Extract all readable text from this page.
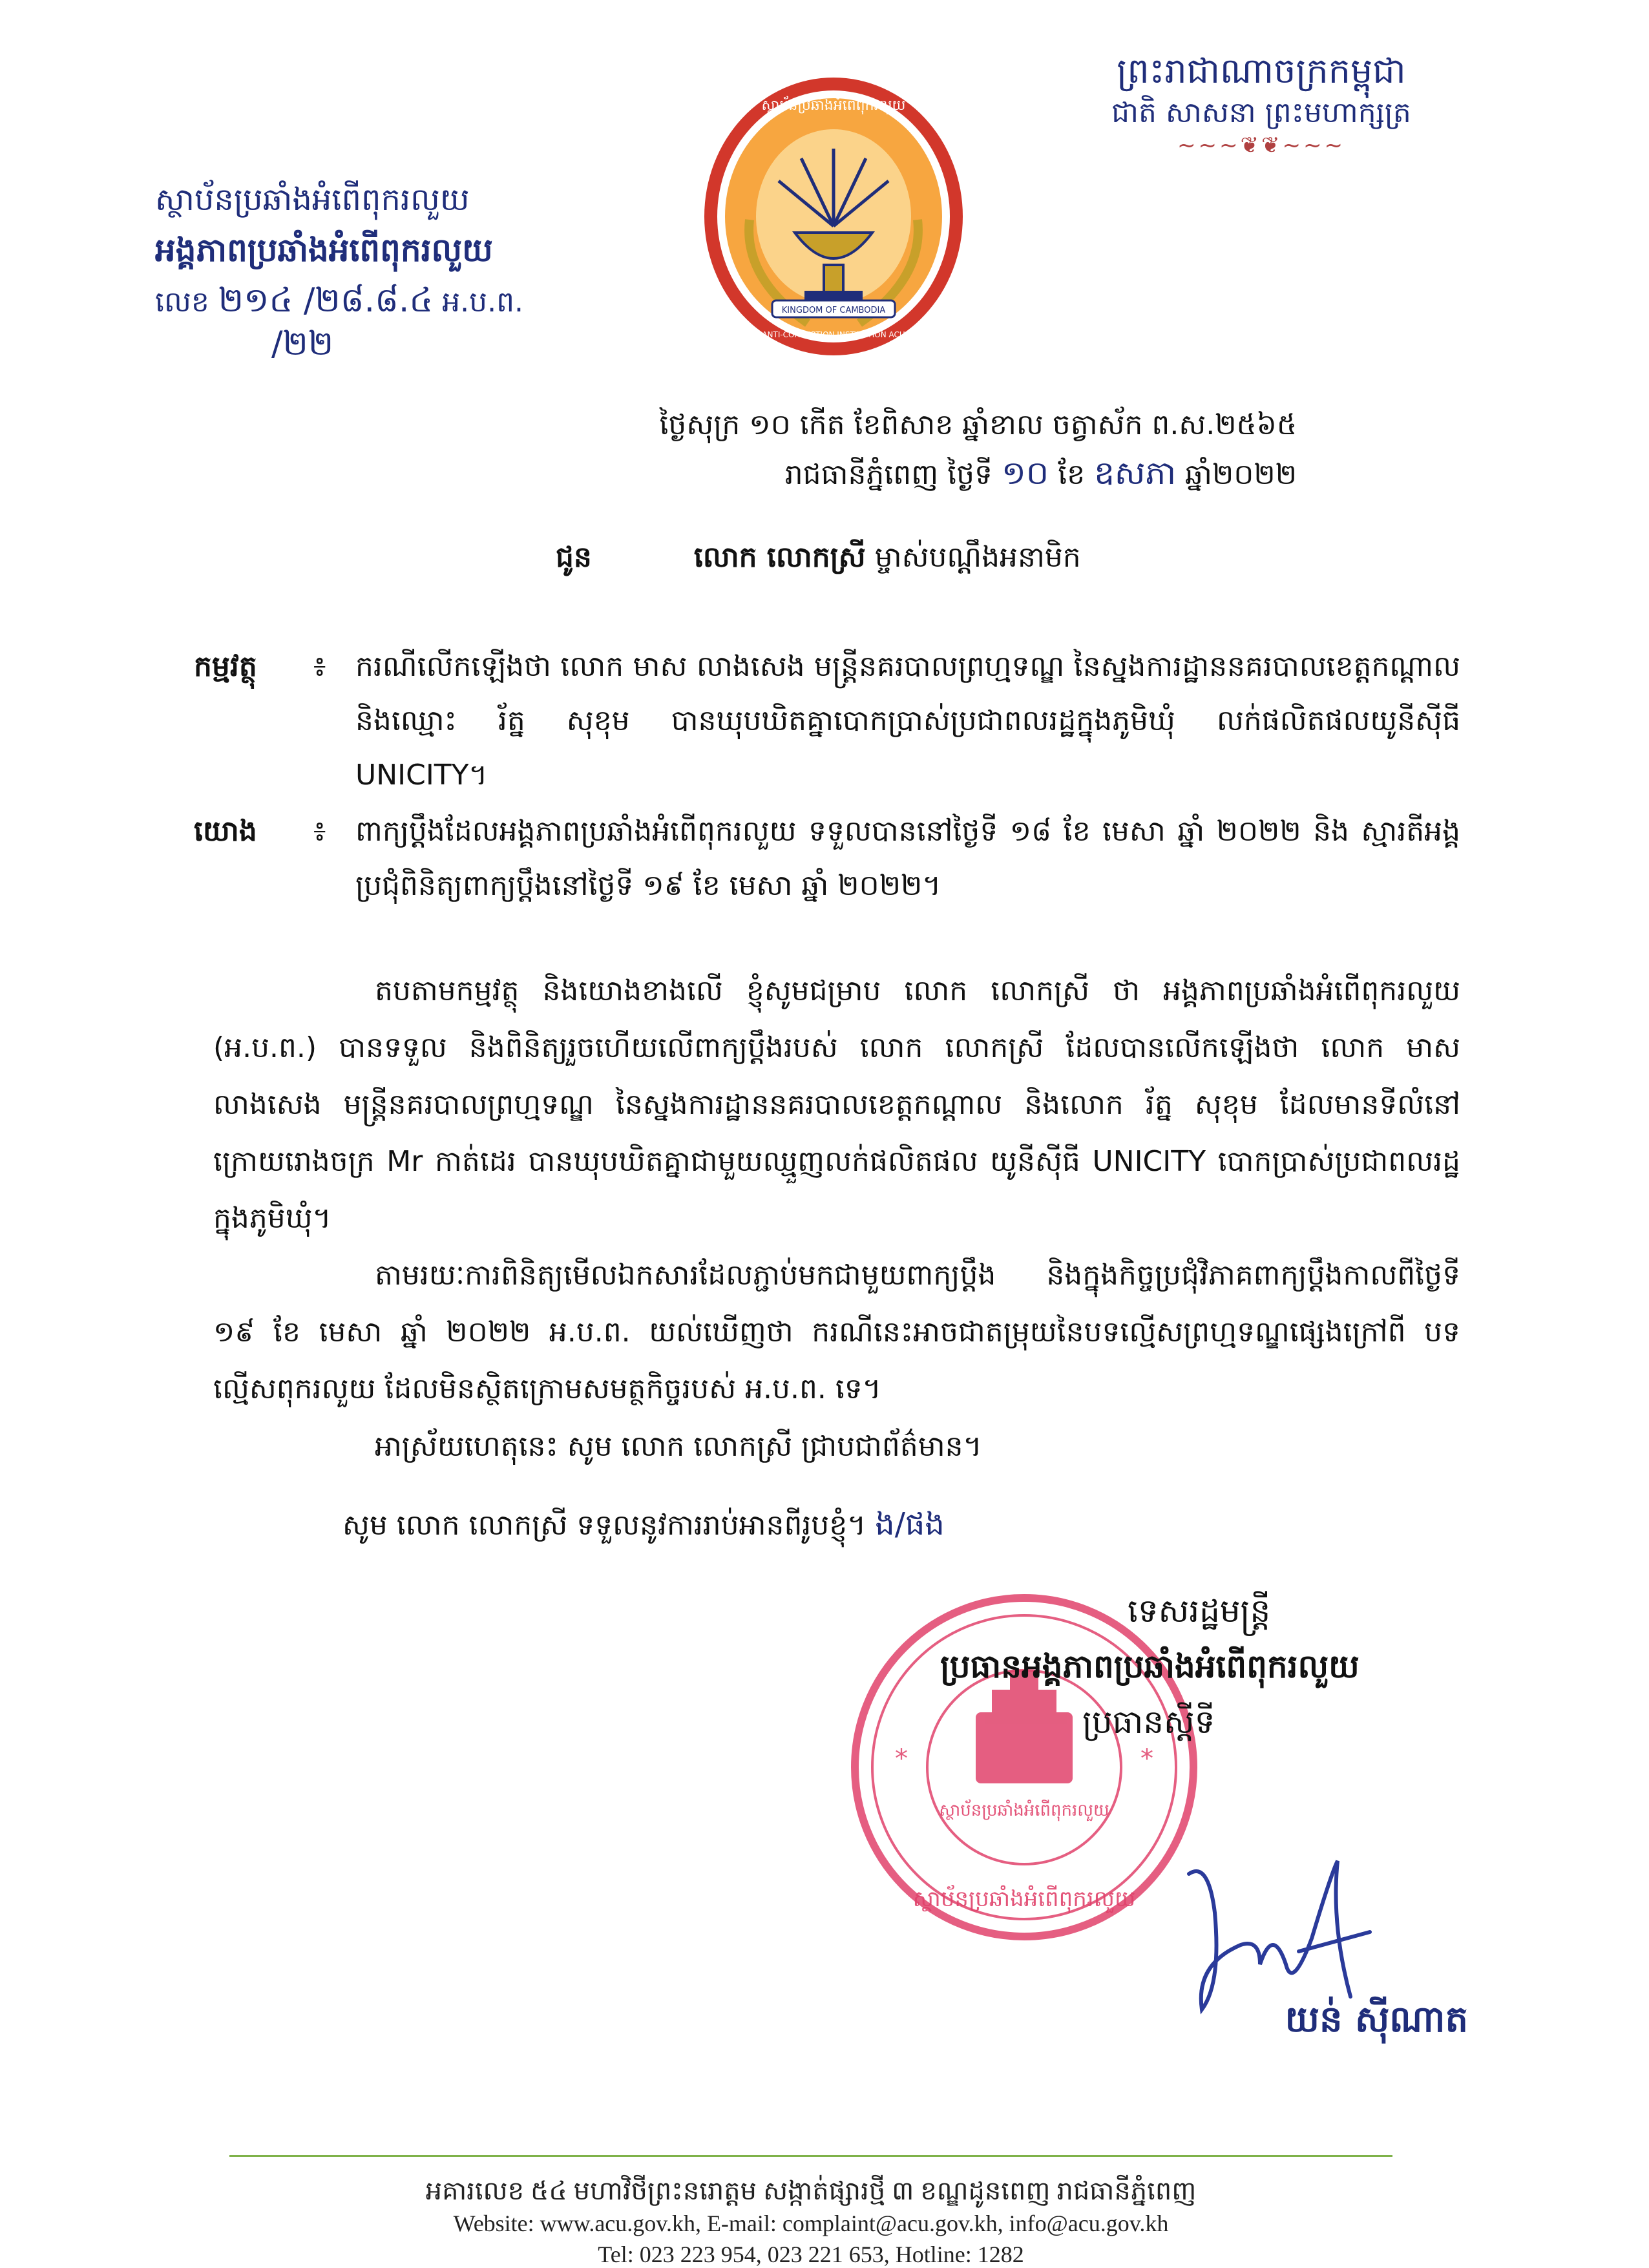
ព្រះរាជាណាចក្រកម្ពុជា
ជាតិ សាសនា ព្រះមហាក្សត្រ
~~~❦❦~~~
ស្ថាប័នប្រឆាំងអំពើពុករលួយ
អង្គភាពប្រឆាំងអំពើពុករលួយ
លេខ ២១៤ /២៨.៨.៤ អ.ប.ព.
/២២
KINGDOM OF CAMBODIA
ANTI-CORRUPTION INSTITUTION ACU
ស្ថាប័នប្រឆាំងអំពើពុករលួយ
ថ្ងៃសុក្រ ១០ កើត ខែពិសាខ ឆ្នាំខាល ចត្វាស័ក ព.ស.២៥៦៥
រាជធានីភ្នំពេញ ថ្ងៃទី ១០ ខែ ឧសភា ឆ្នាំ២០២២
ជូន	លោក លោកស្រី ម្ចាស់បណ្តឹងអនាមិក
កម្មវត្ថុ	៖ ករណីលើកឡើងថា លោក មាស លាងសេង មន្ត្រីនគរបាលព្រហ្មទណ្ឌ នៃស្នងការដ្ឋាននគរបាលខេត្តកណ្តាល និងឈ្មោះ រ័ត្ន សុខុម បានឃុបឃិតគ្នាបោកប្រាស់ប្រជាពលរដ្ឋក្នុងភូមិឃុំ លក់ផលិតផលយូនីស៊ីធី UNICITY។
យោង	៖ ពាក្យប្តឹងដែលអង្គភាពប្រឆាំងអំពើពុករលួយ ទទួលបាននៅថ្ងៃទី ១៨ ខែ មេសា ឆ្នាំ ២០២២ និង ស្មារតីអង្គប្រជុំពិនិត្យពាក្យប្តឹងនៅថ្ងៃទី ១៩ ខែ មេសា ឆ្នាំ ២០២២។
តបតាមកម្មវត្ថុ និងយោងខាងលើ ខ្ញុំសូមជម្រាប លោក លោកស្រី ថា អង្គភាពប្រឆាំងអំពើពុករលួយ (អ.ប.ព.) បានទទួល និងពិនិត្យរួចហើយលើពាក្យប្តឹងរបស់ លោក លោកស្រី ដែលបានលើកឡើងថា លោក មាស លាងសេង មន្ត្រីនគរបាលព្រហ្មទណ្ឌ នៃស្នងការដ្ឋាននគរបាលខេត្តកណ្តាល និងលោក រ័ត្ន សុខុម ដែលមានទីលំនៅ ក្រោយរោងចក្រ Mr កាត់ដេរ បានឃុបឃិតគ្នាជាមួយឈ្មួញលក់ផលិតផល យូនីស៊ីធី UNICITY បោកប្រាស់ប្រជាពលរដ្ឋក្នុងភូមិឃុំ។
តាមរយៈការពិនិត្យមើលឯកសារដែលភ្ជាប់មកជាមួយពាក្យប្តឹង និងក្នុងកិច្ចប្រជុំវិភាគពាក្យប្តឹងកាលពីថ្ងៃទី ១៩ ខែ មេសា ឆ្នាំ ២០២២ អ.ប.ព. យល់ឃើញថា ករណីនេះអាចជាតម្រុយនៃបទល្មើសព្រហ្មទណ្ឌផ្សេងក្រៅពី បទល្មើសពុករលួយ ដែលមិនស្ថិតក្រោមសមត្ថកិច្ចរបស់ អ.ប.ព. ទេ។
អាស្រ័យហេតុនេះ សូម លោក លោកស្រី ជ្រាបជាព័ត៌មាន។
សូម លោក លោកស្រី ទទួលនូវការរាប់អានពីរូបខ្ញុំ។ ង/ផង
*	*
ស្ថាប័នប្រឆាំងអំពើពុករលួយ
ស្ថាប័នប្រឆាំងអំពើពុករលួយ
ទេសរដ្ឋមន្ត្រី
ប្រធានអង្គភាពប្រឆាំងអំពើពុករលួយ
ប្រធានស្តីទី
យន់ ស៊ីណាត
អគារលេខ ៥៤ មហាវិថីព្រះនរោត្តម សង្កាត់ផ្សារថ្មី ៣ ខណ្ឌដូនពេញ រាជធានីភ្នំពេញ
Website: www.acu.gov.kh, E-mail: complaint@acu.gov.kh, info@acu.gov.kh
Tel: 023 223 954, 023 221 653, Hotline: 1282
